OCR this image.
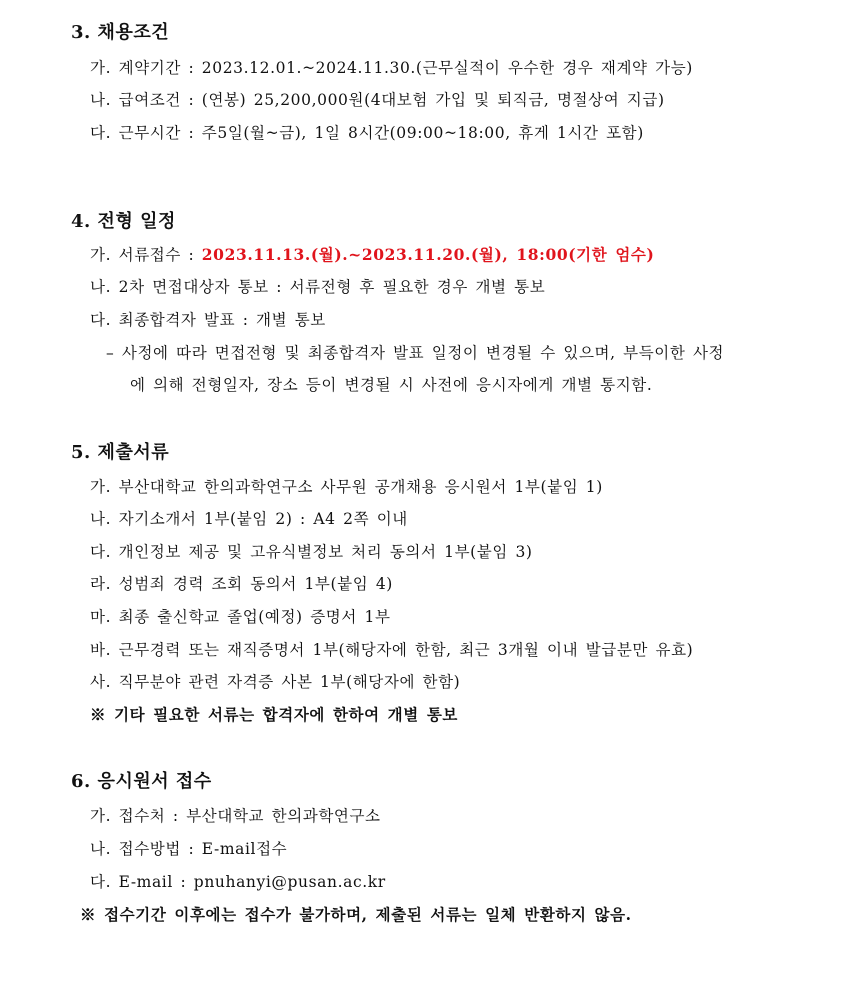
3. 채용조건
가. 계약기간 : 2023.12.01.~2024.11.30.(근무실적이 우수한 경우 재계약 가능)
나. 급여조건 : (연봉) 25,200,000원(4대보험 가입 및 퇴직금, 명절상여 지급)
다. 근무시간 : 주5일(월~금), 1일 8시간(09:00~18:00, 휴게 1시간 포함)
4. 전형 일정
가. 서류접수 : 2023.11.13.(월).~2023.11.20.(월), 18:00(기한 엄수)
나. 2차 면접대상자 통보 : 서류전형 후 필요한 경우 개별 통보
다. 최종합격자 발표 : 개별 통보
– 사정에 따라 면접전형 및 최종합격자 발표 일정이 변경될 수 있으며, 부득이한 사정
에 의해 전형일자, 장소 등이 변경될 시 사전에 응시자에게 개별 통지함.
5. 제출서류
가. 부산대학교 한의과학연구소 사무원 공개채용 응시원서 1부(붙임 1)
나. 자기소개서 1부(붙임 2) : A4 2쪽 이내
다. 개인정보 제공 및 고유식별정보 처리 동의서 1부(붙임 3)
라. 성범죄 경력 조회 동의서 1부(붙임 4)
마. 최종 출신학교 졸업(예정) 증명서 1부
바. 근무경력 또는 재직증명서 1부(해당자에 한함, 최근 3개월 이내 발급분만 유효)
사. 직무분야 관련 자격증 사본 1부(해당자에 한함)
※ 기타 필요한 서류는 합격자에 한하여 개별 통보
6. 응시원서 접수
가. 접수처 : 부산대학교 한의과학연구소
나. 접수방법 : E-mail접수
다. E-mail : pnuhanyi@pusan.ac.kr
※ 접수기간 이후에는 접수가 불가하며, 제출된 서류는 일체 반환하지 않음.
